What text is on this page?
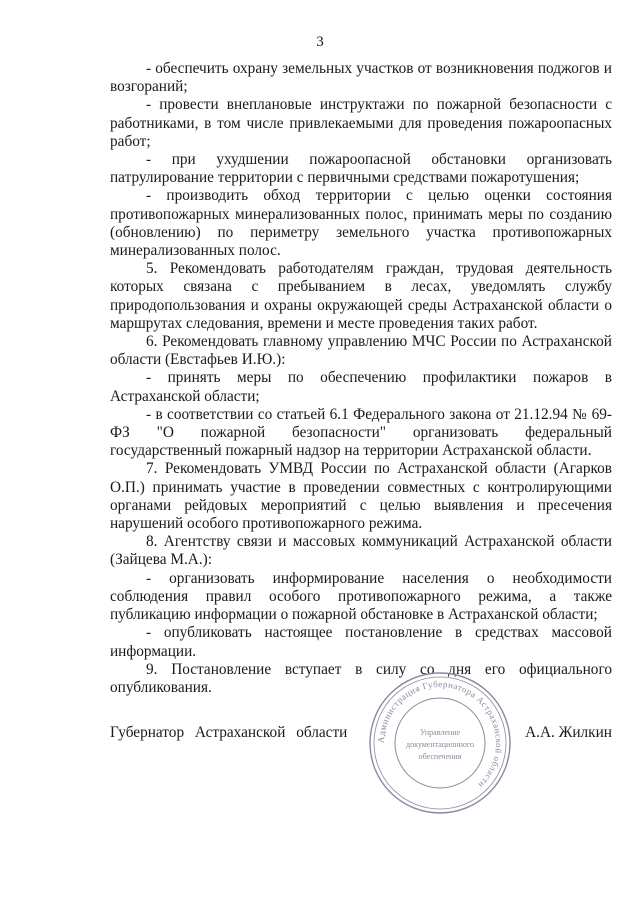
3

- обеспечить охрану земельных участков от возникновения поджогов и возгораний;

- провести внеплановые инструктажи по пожарной безопасности с работниками, в том числе привлекаемыми для проведения пожароопасных работ;

- при ухудшении пожароопасной обстановки организовать патрулирование территории с первичными средствами пожаротушения;

- производить обход территории с целью оценки состояния противопожарных минерализованных полос, принимать меры по созданию (обновлению) по периметру земельного участка противопожарных минерализованных полос.

5. Рекомендовать работодателям граждан, трудовая деятельность которых связана с пребыванием в лесах, уведомлять службу природопользования и охраны окружающей среды Астраханской области о маршрутах следования, времени и месте проведения таких работ.

6. Рекомендовать главному управлению МЧС России по Астраханской области (Евстафьев И.Ю.):

- принять меры по обеспечению профилактики пожаров в Астраханской области;

- в соответствии со статьей 6.1 Федерального закона от 21.12.94 № 69-ФЗ "О пожарной безопасности" организовать федеральный государственный пожарный надзор на территории Астраханской области.

7. Рекомендовать УМВД России по Астраханской области (Агарков О.П.) принимать участие в проведении совместных с контролирующими органами рейдовых мероприятий с целью выявления и пресечения нарушений особого противопожарного режима.

8. Агентству связи и массовых коммуникаций Астраханской области (Зайцева М.А.):

- организовать информирование населения о необходимости соблюдения правил особого противопожарного режима, а также публикацию информации о пожарной обстановке в Астраханской области;

- опубликовать настоящее постановление в средствах массовой информации.

9. Постановление вступает в силу со дня его официального опубликования.

Губернатор Астраханской области	А.А. Жилкин
Администрация Губернатора Астраханской области
Управление
документационного
обеспечения
